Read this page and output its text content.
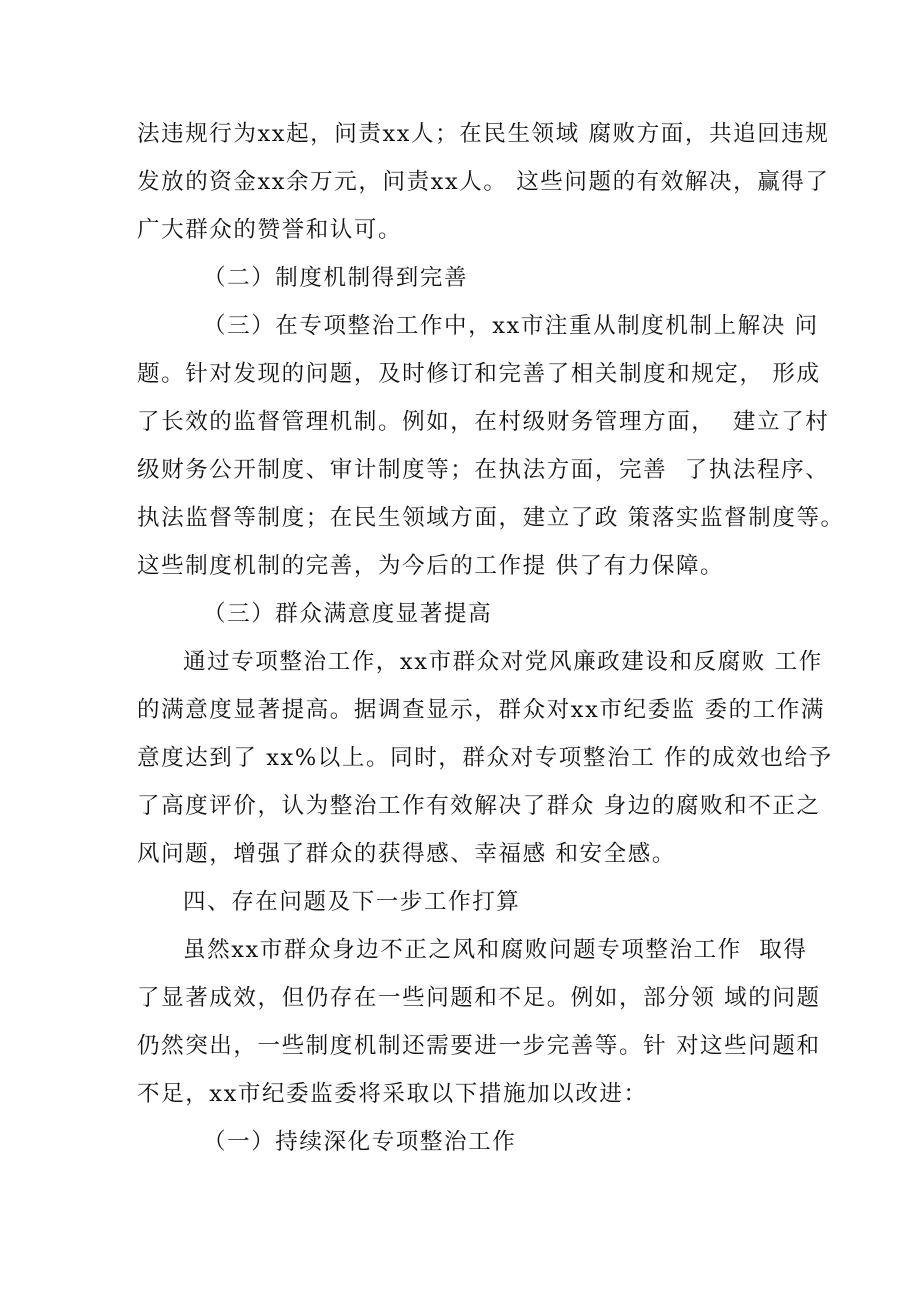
法违规行为xx起，问责xx人；在民生领域 腐败方面，共追回违规
发放的资金xx余万元，问责xx人。 这些问题的有效解决，赢得了
广大群众的赞誉和认可。
（二）制度机制得到完善
（三）在专项整治工作中，xx市注重从制度机制上解决 问
题。针对发现的问题，及时修订和完善了相关制度和规定， 形成
了长效的监督管理机制。例如，在村级财务管理方面，  建立了村
级财务公开制度、审计制度等；在执法方面，完善  了执法程序、
执法监督等制度；在民生领域方面，建立了政 策落实监督制度等。
这些制度机制的完善，为今后的工作提 供了有力保障。
（三）群众满意度显著提高
通过专项整治工作，xx市群众对党风廉政建设和反腐败 工作
的满意度显著提高。据调查显示，群众对xx市纪委监 委的工作满
意度达到了 xx%以上。同时，群众对专项整治工 作的成效也给予
了高度评价，认为整治工作有效解决了群众 身边的腐败和不正之
风问题，增强了群众的获得感、幸福感 和安全感。
四、存在问题及下一步工作打算
虽然xx市群众身边不正之风和腐败问题专项整治工作  取得
了显著成效，但仍存在一些问题和不足。例如，部分领 域的问题
仍然突出，一些制度机制还需要进一步完善等。针 对这些问题和
不足，xx市纪委监委将采取以下措施加以改进：
（一）持续深化专项整治工作
